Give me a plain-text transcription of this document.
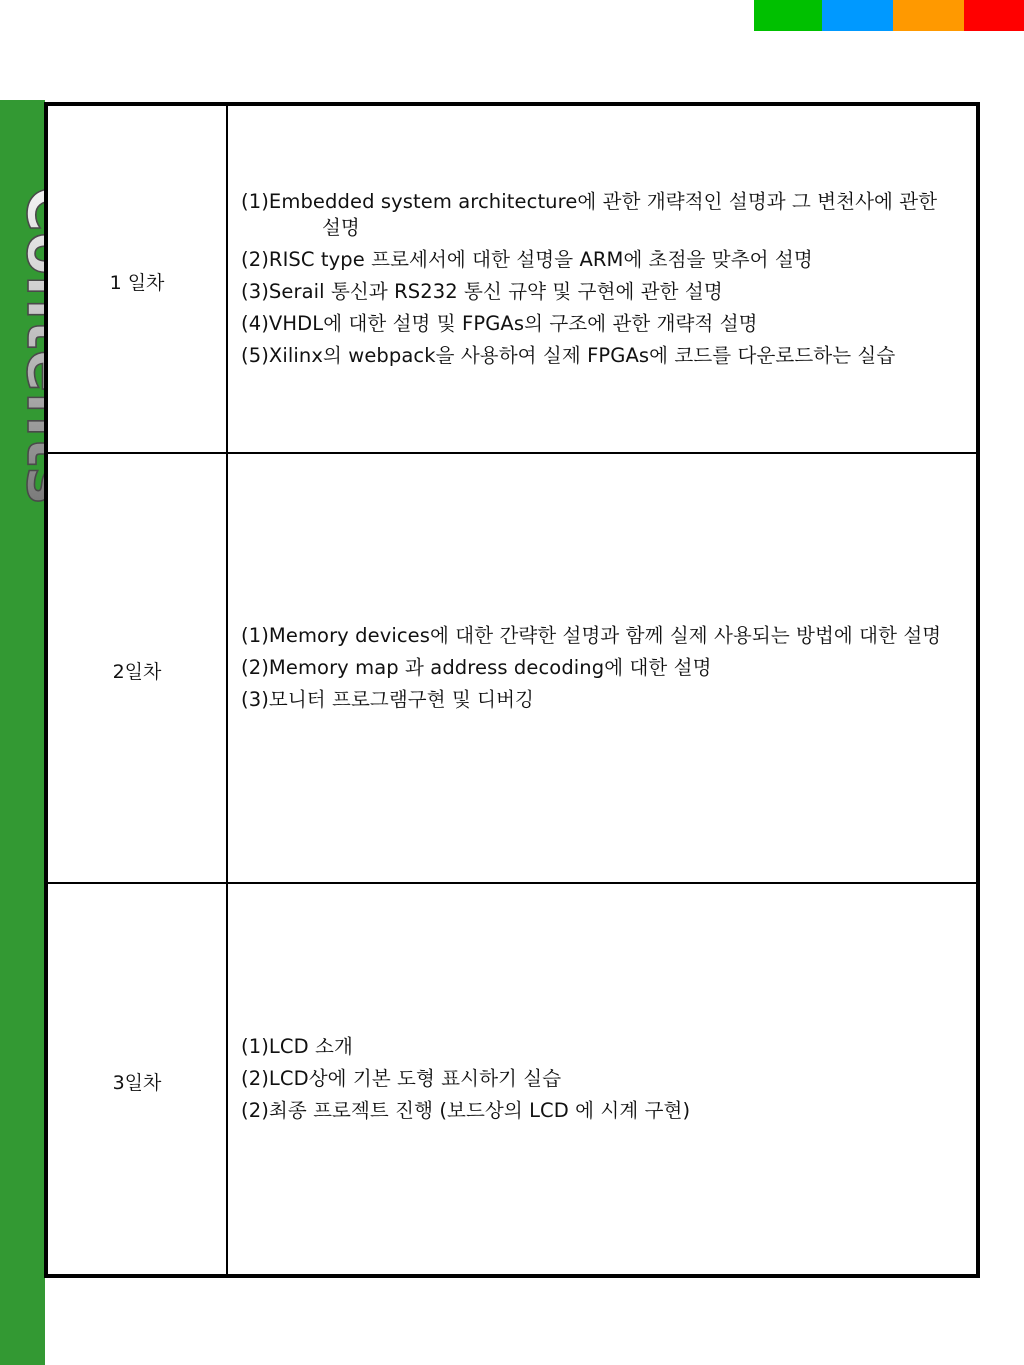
1 일차
(1)Embedded system architecture에 관한 개략적인 설명과 그 변천사에 관한 설명
(2)RISC type 프로세서에 대한 설명을 ARM에 초점을 맞추어 설명
(3)Serail 통신과 RS232 통신 규약 및 구현에 관한 설명
(4)VHDL에 대한 설명 및 FPGAs의 구조에 관한 개략적 설명
(5)Xilinx의 webpack을 사용하여 실제 FPGAs에 코드를 다운로드하는 실습
2일차
(1)Memory devices에 대한 간략한 설명과 함께 실제 사용되는 방법에 대한 설명
(2)Memory map 과 address decoding에 대한 설명
(3)모니터 프로그램구현 및 디버깅
3일차
(1)LCD 소개
(2)LCD상에 기본 도형 표시하기 실습
(2)최종 프로젝트 진행 (보드상의 LCD 에 시계 구현)
